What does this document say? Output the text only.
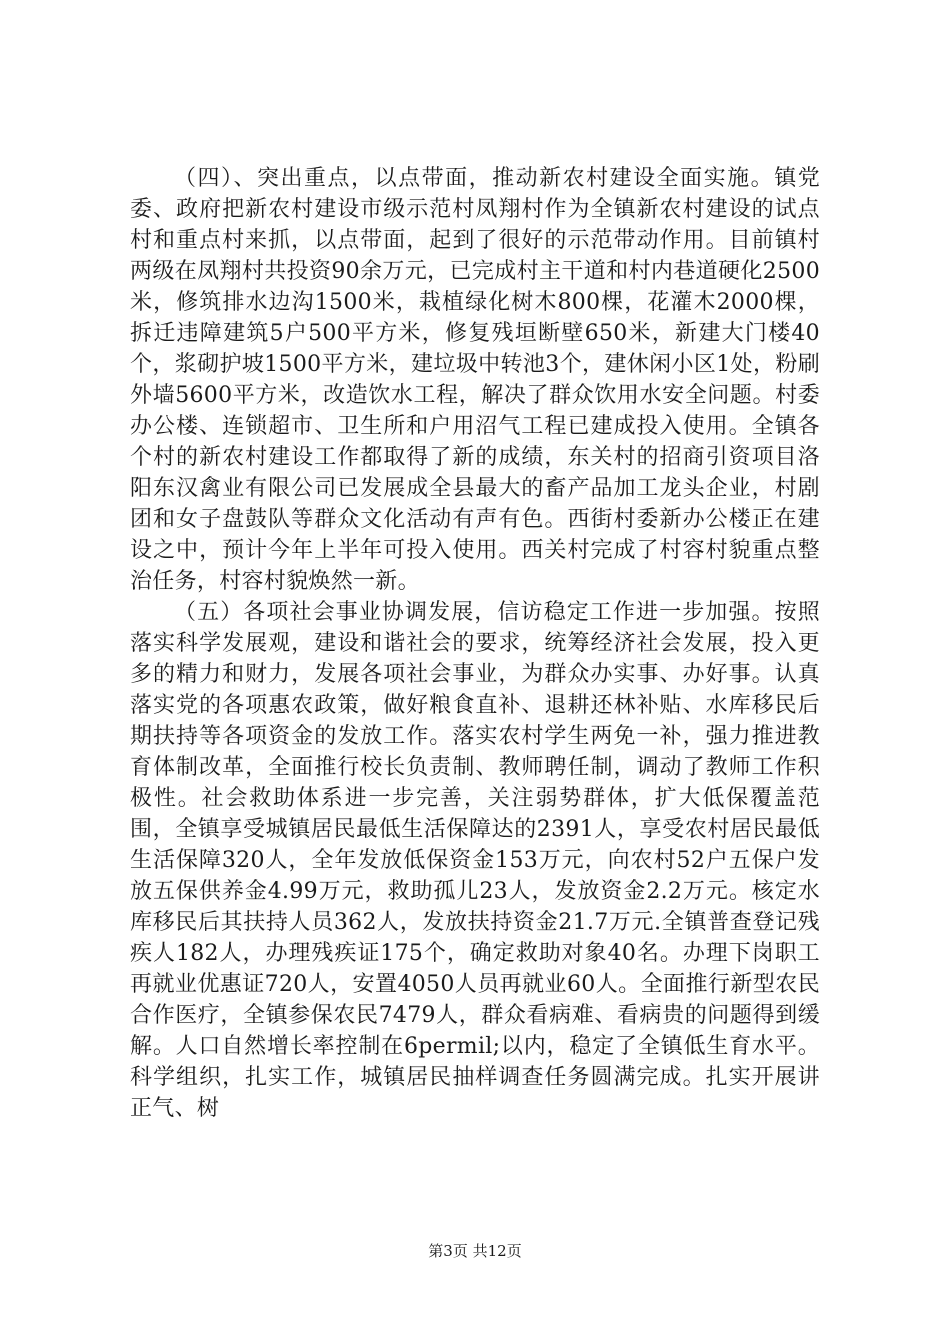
（四）、突出重点，以点带面，推动新农村建设全面实施。镇党委、政府把新农村建设市级示范村凤翔村作为全镇新农村建设的试点村和重点村来抓，以点带面，起到了很好的示范带动作用。目前镇村两级在凤翔村共投资90余万元，已完成村主干道和村内巷道硬化2500米，修筑排水边沟1500米，栽植绿化树木800棵，花灌木2000棵，拆迁违障建筑5户500平方米，修复残垣断壁650米，新建大门楼40个，浆砌护坡1500平方米，建垃圾中转池3个，建休闲小区1处，粉刷外墙5600平方米，改造饮水工程，解决了群众饮用水安全问题。村委办公楼、连锁超市、卫生所和户用沼气工程已建成投入使用。全镇各个村的新农村建设工作都取得了新的成绩，东关村的招商引资项目洛阳东汉禽业有限公司已发展成全县最大的畜产品加工龙头企业，村剧团和女子盘鼓队等群众文化活动有声有色。西街村委新办公楼正在建设之中，预计今年上半年可投入使用。西关村完成了村容村貌重点整治任务，村容村貌焕然一新。

（五）各项社会事业协调发展，信访稳定工作进一步加强。按照落实科学发展观，建设和谐社会的要求，统筹经济社会发展，投入更多的精力和财力，发展各项社会事业，为群众办实事、办好事。认真落实党的各项惠农政策，做好粮食直补、退耕还林补贴、水库移民后期扶持等各项资金的发放工作。落实农村学生两免一补，强力推进教育体制改革，全面推行校长负责制、教师聘任制，调动了教师工作积极性。社会救助体系进一步完善，关注弱势群体，扩大低保覆盖范围，全镇享受城镇居民最低生活保障达的2391人，享受农村居民最低生活保障320人，全年发放低保资金153万元，向农村52户五保户发放五保供养金4.99万元，救助孤儿23人，发放资金2.2万元。核定水库移民后其扶持人员362人，发放扶持资金21.7万元.全镇普查登记残疾人182人，办理残疾证175个，确定救助对象40名。办理下岗职工再就业优惠证720人，安置4050人员再就业60人。全面推行新型农民合作医疗，全镇参保农民7479人，群众看病难、看病贵的问题得到缓解。人口自然增长率控制在6permil;以内，稳定了全镇低生育水平。科学组织，扎实工作，城镇居民抽样调查任务圆满完成。扎实开展讲正气、树

第3页 共12页
